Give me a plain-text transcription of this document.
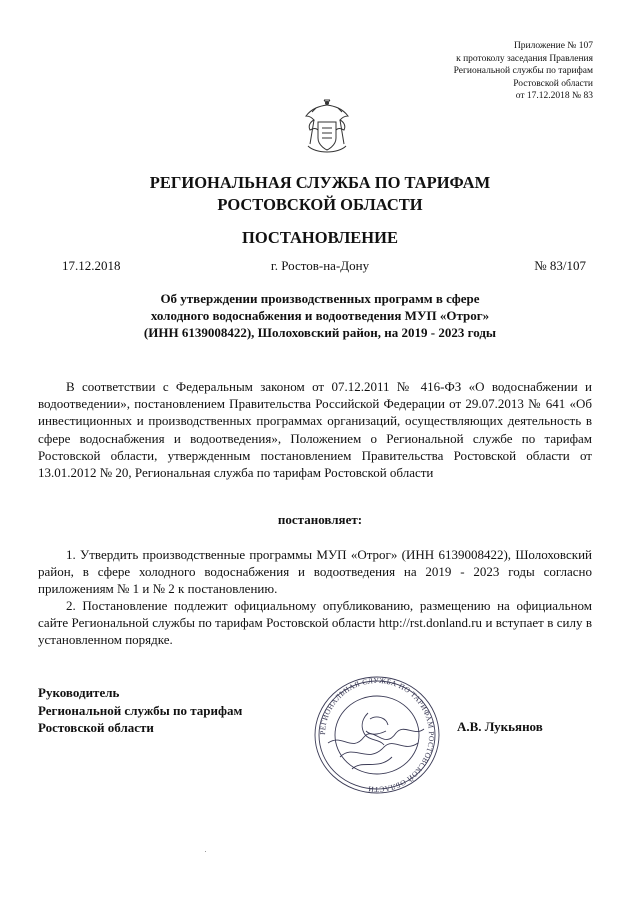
Приложение № 107
к протоколу заседания Правления
Региональной службы по тарифам
Ростовской области
от 17.12.2018 № 83
РЕГИОНАЛЬНАЯ СЛУЖБА ПО ТАРИФАМ
РОСТОВСКОЙ ОБЛАСТИ
ПОСТАНОВЛЕНИЕ
17.12.2018	г. Ростов-на-Дону	№ 83/107
Об утверждении производственных программ в сфере
холодного водоснабжения и водоотведения МУП «Отрог»
(ИНН 6139008422), Шолоховский район, на 2019 - 2023 годы
В соответствии с Федеральным законом от 07.12.2011 № 416-ФЗ «О водоснабжении и водоотведении», постановлением Правительства Российской Федерации от 29.07.2013 № 641 «Об инвестиционных и производственных программах организаций, осуществляющих деятельность в сфере водоснабжения и водоотведения», Положением о Региональной службе по тарифам Ростовской области, утвержденным постановлением Правительства Ростовской области от 13.01.2012 № 20, Региональная служба по тарифам Ростовской области
постановляет:
1. Утвердить производственные программы МУП «Отрог» (ИНН 6139008422), Шолоховский район, в сфере холодного водоснабжения и водоотведения на 2019 - 2023 годы согласно приложениям № 1 и № 2 к постановлению.
2. Постановление подлежит официальному опубликованию, размещению на официальном сайте Региональной службы по тарифам Ростовской области http://rst.donland.ru и вступает в силу в установленном порядке.
Руководитель
Региональной службы по тарифам
Ростовской области	РЕГИОНАЛЬНАЯ СЛУЖБА ПО ТАРИФАМ РОСТОВСКОЙ ОБЛАСТИ
А.В. Лукьянов
